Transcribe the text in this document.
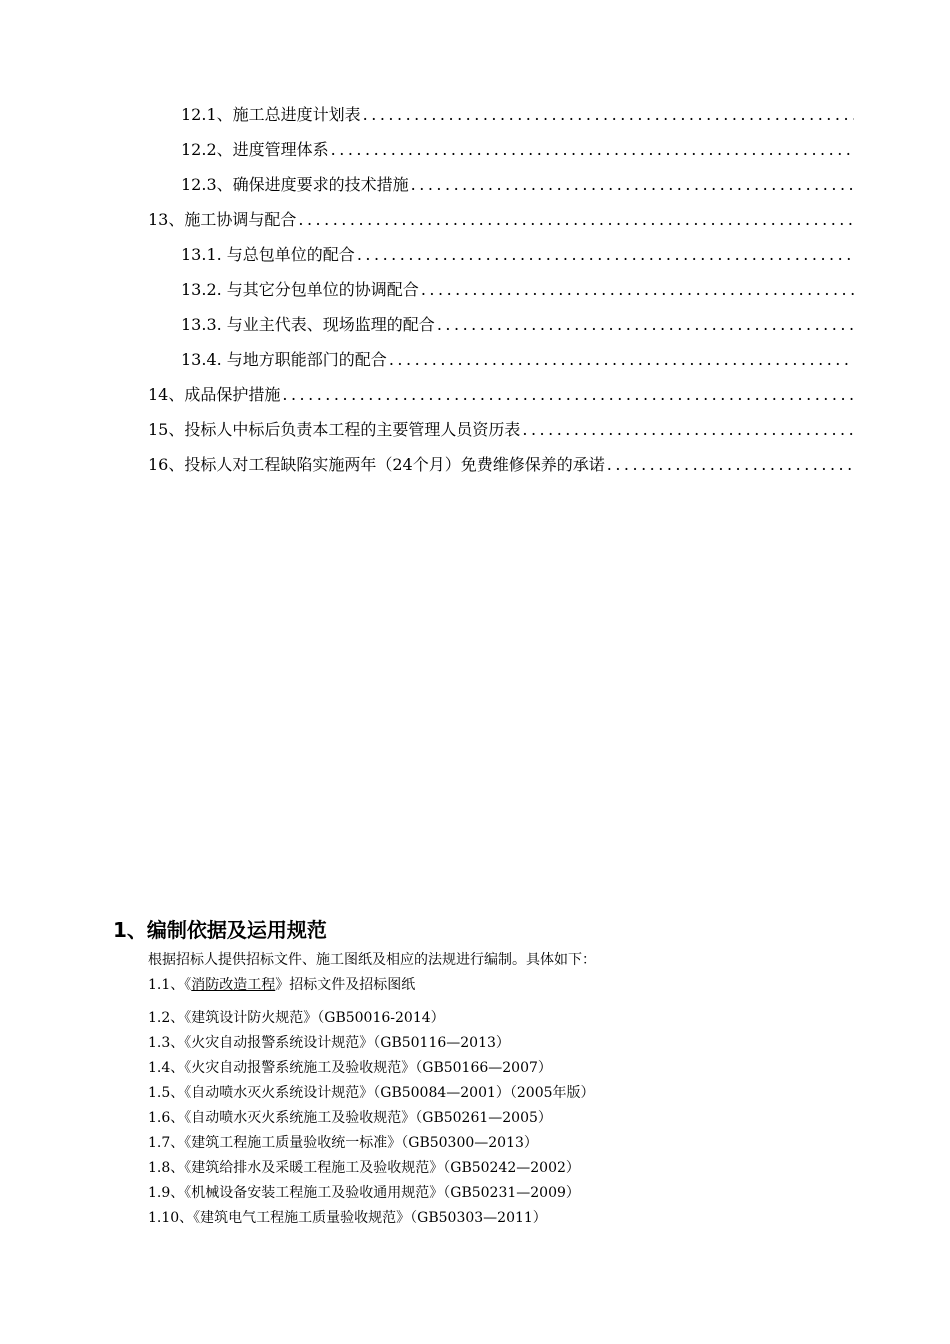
12.1、施工总进度计划表
.....
12.2、进度管理体系
.....
12.3、确保进度要求的技术措施
.....
13、施工协调与配合
.....
13.1. 与总包单位的配合
.....
13.2. 与其它分包单位的协调配合
.....
13.3. 与业主代表、现场监理的配合
.....
13.4. 与地方职能部门的配合
.....
14、成品保护措施
.....
15、投标人中标后负责本工程的主要管理人员资历表
.....
16、投标人对工程缺陷实施两年（24个月）免费维修保养的承诺
.....
1、编制依据及运用规范
根据招标人提供招标文件、施工图纸及相应的法规进行编制。具体如下：
1.1、《消防改造工程》招标文件及招标图纸
1.2、《建筑设计防火规范》（GB50016-2014）
1.3、《火灾自动报警系统设计规范》（GB50116—2013）
1.4、《火灾自动报警系统施工及验收规范》（GB50166—2007）
1.5、《自动喷水灭火系统设计规范》（GB50084—2001）（2005年版）
1.6、《自动喷水灭火系统施工及验收规范》（GB50261—2005）
1.7、《建筑工程施工质量验收统一标准》（GB50300—2013）
1.8、《建筑给排水及采暖工程施工及验收规范》（GB50242—2002）
1.9、《机械设备安装工程施工及验收通用规范》（GB50231—2009）
1.10、《建筑电气工程施工质量验收规范》（GB50303—2011）
